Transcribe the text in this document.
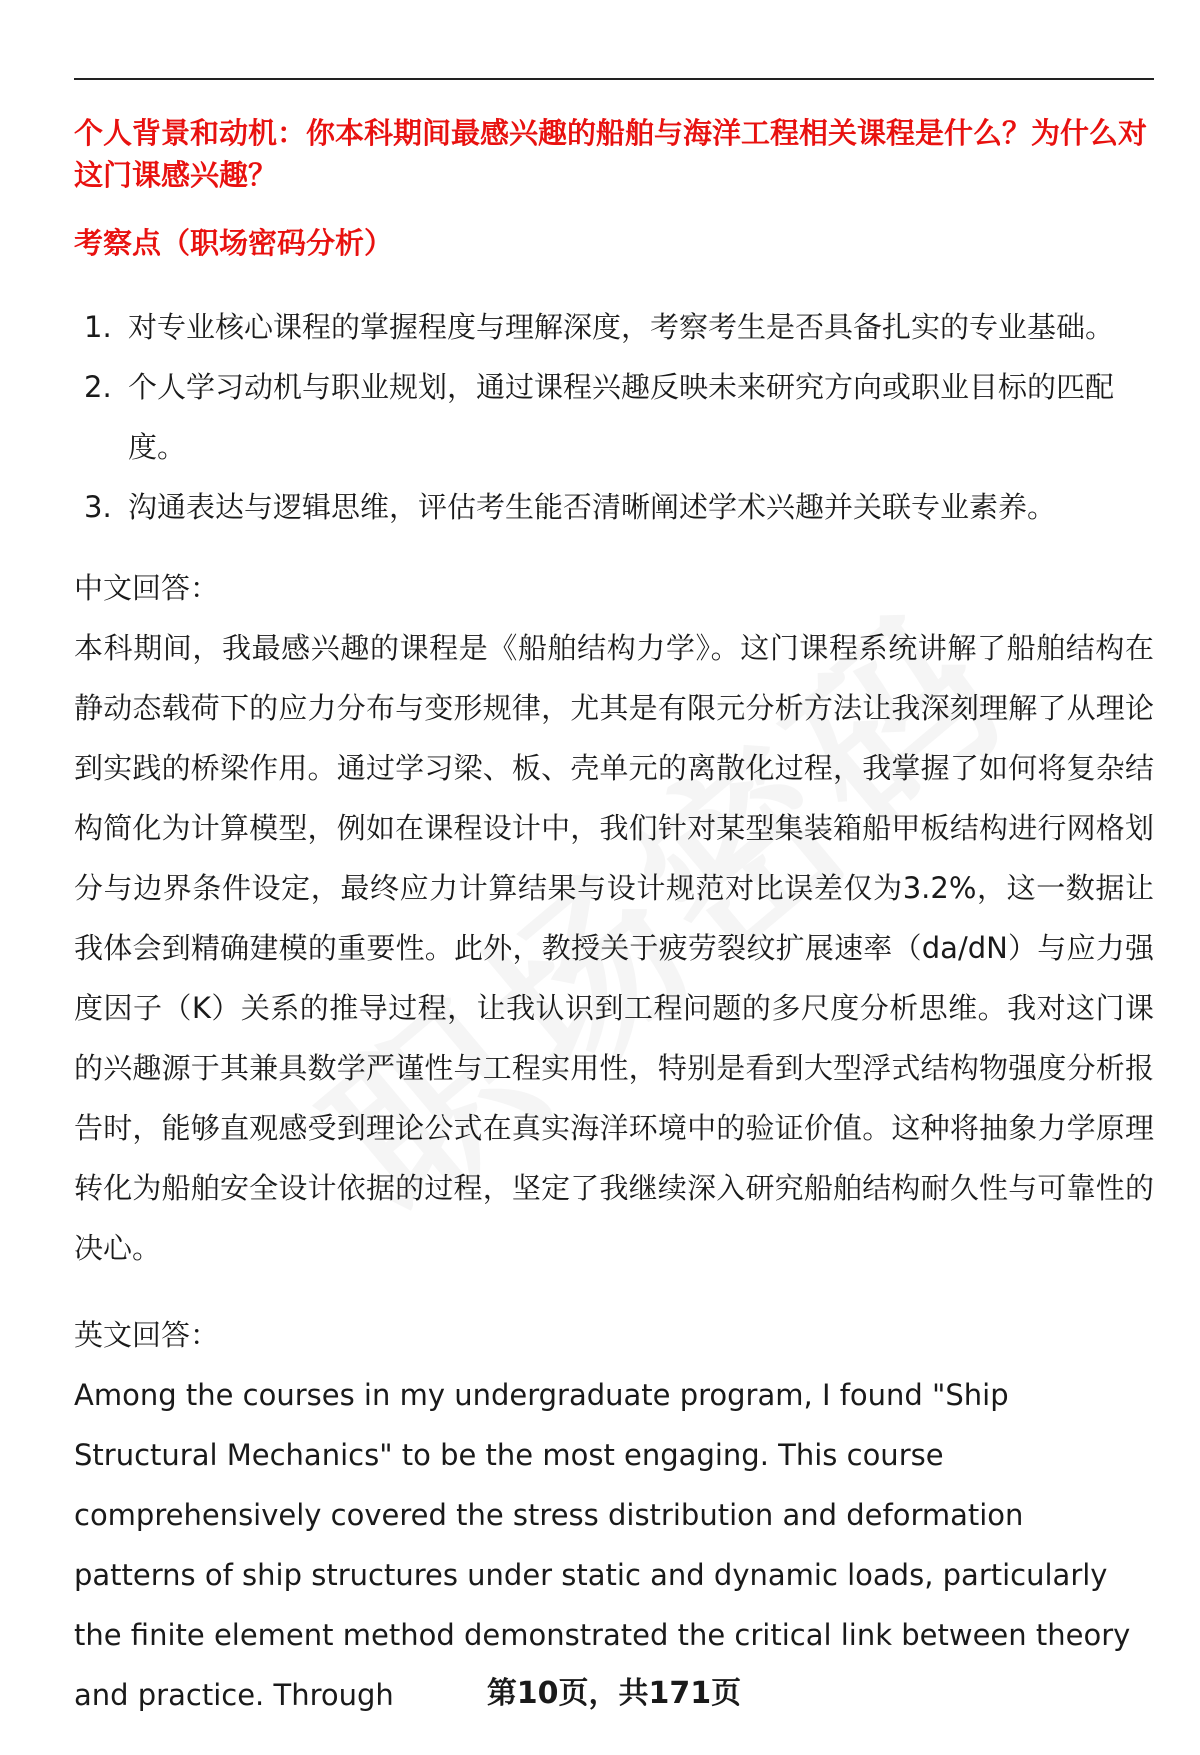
个人背景和动机：你本科期间最感兴趣的船舶与海洋工程相关课程是什么？为什么对这门课感兴趣？

考察点（职场密码分析）

1. 对专业核心课程的掌握程度与理解深度，考察考生是否具备扎实的专业基础。
2. 个人学习动机与职业规划，通过课程兴趣反映未来研究方向或职业目标的匹配度。
3. 沟通表达与逻辑思维，评估考生能否清晰阐述学术兴趣并关联专业素养。

中文回答：

本科期间，我最感兴趣的课程是《船舶结构力学》。这门课程系统讲解了船舶结构在静动态载荷下的应力分布与变形规律，尤其是有限元分析方法让我深刻理解了从理论到实践的桥梁作用。通过学习梁、板、壳单元的离散化过程，我掌握了如何将复杂结构简化为计算模型，例如在课程设计中，我们针对某型集装箱船甲板结构进行网格划分与边界条件设定，最终应力计算结果与设计规范对比误差仅为3.2%，这一数据让我体会到精确建模的重要性。此外，教授关于疲劳裂纹扩展速率（da/dN）与应力强度因子（K）关系的推导过程，让我认识到工程问题的多尺度分析思维。我对这门课的兴趣源于其兼具数学严谨性与工程实用性，特别是看到大型浮式结构物强度分析报告时，能够直观感受到理论公式在真实海洋环境中的验证价值。这种将抽象力学原理转化为船舶安全设计依据的过程，坚定了我继续深入研究船舶结构耐久性与可靠性的决心。

英文回答：

Among the courses in my undergraduate program, I found "Ship Structural Mechanics" to be the most engaging. This course comprehensively covered the stress distribution and deformation patterns of ship structures under static and dynamic loads, particularly the finite element method demonstrated the critical link between theory and practice. Through	第10页，共171页
